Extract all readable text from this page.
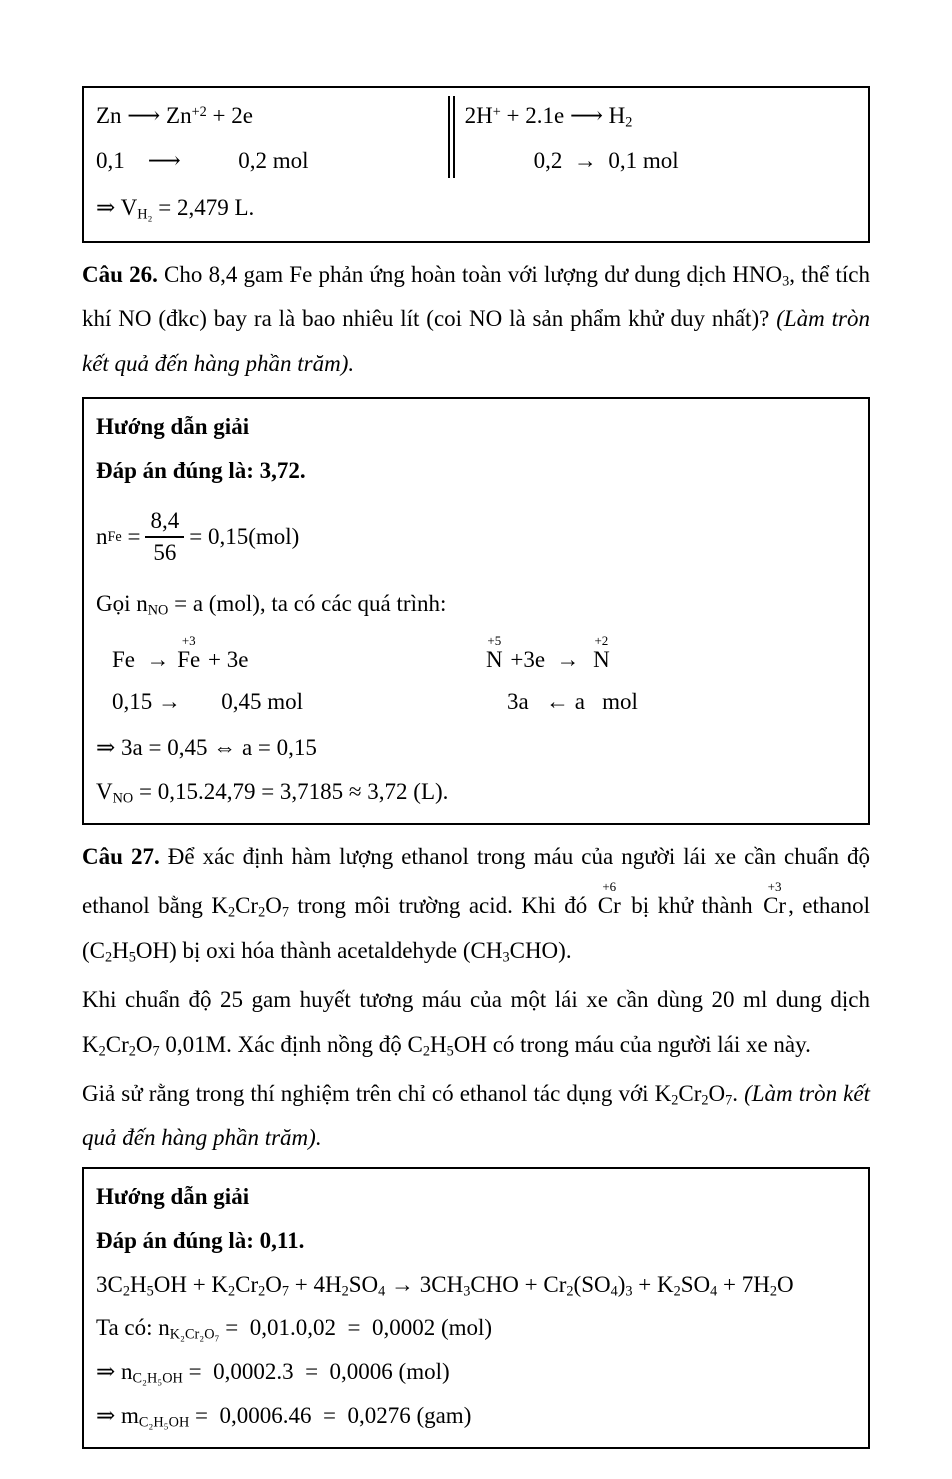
Zn ⟶ $Zn^{+2} + 2e$
0,1    ⟶          0,2 mol
2H+ + 2.1e ⟶ $H_2$
0,2  →  0,1 mol
⇒ $V_{H_2} = 2,479$ L.

Câu 26. Cho 8,4 gam Fe phản ứng hoàn toàn với lượng dư dung dịch $HNO_3$, thể tích khí NO (đkc) bay ra là bao nhiêu lít (coi NO là sản phẩm khử duy nhất)? (Làm tròn kết quả đến hàng phần trăm).

Hướng dẫn giải
Đáp án đúng là: 3,72.
n $Fe = \frac{8,4}{56} = 0,15(mol)$
Gọi $n_{NO} = a$ (mol), ta có các quá trình:
Fe  →
+3
Fe + 3e
0,15 →       0,45 mol
+5
N +3e  →
+2
N
3a   ← a   mol
⇒ 3a = 0,45 ⇔ a = 0,15
$V_{NO} = 0,15.24,79 = 3,7185 \approx 3,72$ (L).

Câu 27. Để xác định hàm lượng ethanol trong máu của người lái xe cần chuẩn độ ethanol bằng $K_2Cr_2O_7$ trong môi trường acid. Khi đó
+6
Cr bị khử thành
+3
Cr , ethanol $(C_2H_5OH)$ bị oxi hóa thành acetaldehyde $(CH_3CHO)$.

Khi chuẩn độ 25 gam huyết tương máu của một lái xe cần dùng 20 ml dung dịch $K_2Cr_2O_7$ 0,01M. Xác định nồng độ $C_2H_5OH$ có trong máu của người lái xe này.

Giả sử rằng trong thí nghiệm trên chỉ có ethanol tác dụng với $K_2Cr_2O_7$. (Làm tròn kết quả đến hàng phần trăm).

Hướng dẫn giải
Đáp án đúng là: 0,11.
$3C_2H_5OH + K_2Cr_2O_7 + 4H_2SO_4 \to 3CH_3CHO + Cr_2(SO_4)_3 + K_2SO_4 + 7H_2O$
Ta có: $n_{K_2Cr_2O_7} = 0,01.0,02 = 0,0002$ (mol)
⇒ $n_{C_2H_5OH} = 0,0002.3 = 0,0006$ (mol)
⇒ $m_{C_2H_5OH} = 0,0006.46 = 0,0276$ (gam)
